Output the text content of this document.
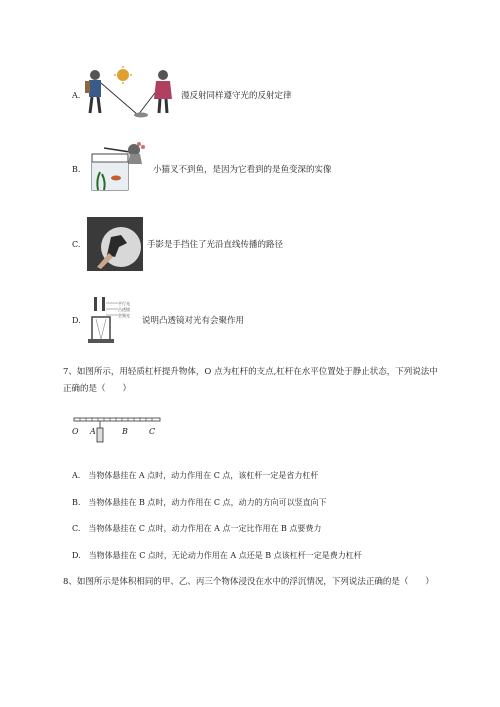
A.	漫反射同样遵守光的反射定律
B.	小猫叉不到鱼，是因为它看到的是鱼变深的实像
C.	手影是手挡住了光沿直线传播的路径
D.
平行光
凸透镜
会聚光
说明凸透镜对光有会聚作用
7、如图所示，用轻质杠杆提升物体，O 点为杠杆的支点,杠杆在水平位置处于静止状态，下列说法中
正确的是（　　）
O A	B	C
A.　当物体悬挂在 A 点时，动力作用在 C 点，该杠杆一定是省力杠杆
B.　当物体悬挂在 B 点时，动力作用在 C 点，动力的方向可以竖直向下
C.　当物体悬挂在 C 点时，动力作用在 A 点一定比作用在 B 点要费力
D.　当物体悬挂在 C 点时，无论动力作用在 A 点还是 B 点该杠杆一定是费力杠杆
8、如图所示是体积相同的甲、乙、丙三个物体浸没在水中的浮沉情况，下列说法正确的是（　　）
